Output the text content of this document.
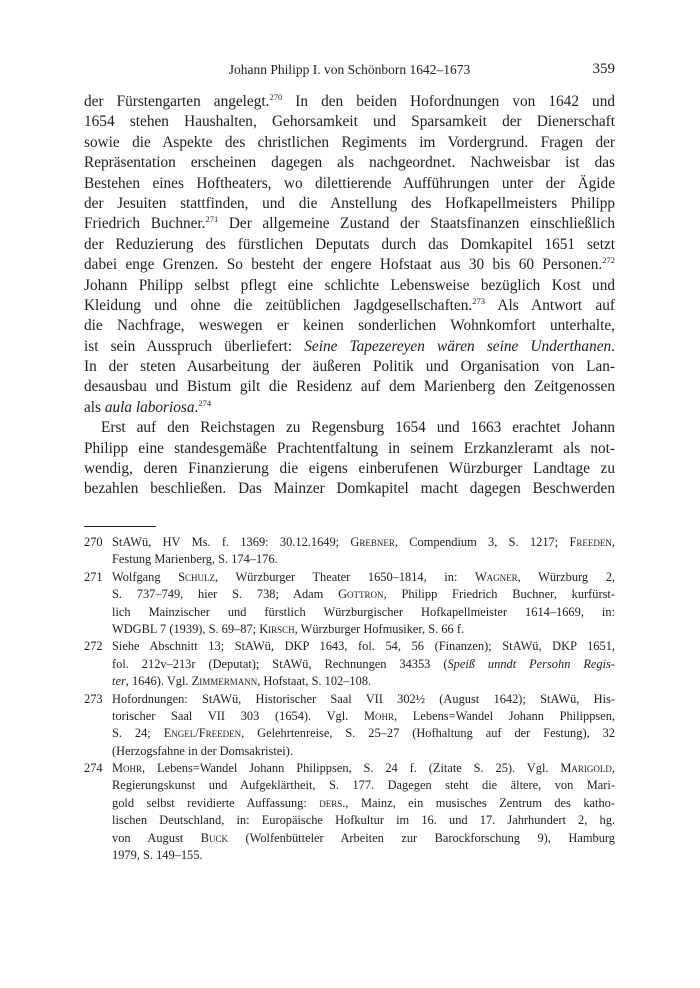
Johann Philipp I. von Schönborn 1642–1673	359
der Fürstengarten angelegt.$^{270}$ In den beiden Hofordnungen von 1642 und
1654 stehen Haushalten, Gehorsamkeit und Sparsamkeit der Dienerschaft
sowie die Aspekte des christlichen Regiments im Vordergrund. Fragen der
Repräsentation erscheinen dagegen als nachgeordnet. Nachweisbar ist das
Bestehen eines Hoftheaters, wo dilettierende Aufführungen unter der Ägide
der Jesuiten stattfinden, und die Anstellung des Hofkapellmeisters Philipp
Friedrich Buchner.$^{271}$ Der allgemeine Zustand der Staatsfinanzen einschließlich
der Reduzierung des fürstlichen Deputats durch das Domkapitel 1651 setzt
dabei enge Grenzen. So besteht der engere Hofstaat aus 30 bis 60 Personen.$^{272}$
Johann Philipp selbst pflegt eine schlichte Lebensweise bezüglich Kost und
Kleidung und ohne die zeitüblichen Jagdgesellschaften.$^{273}$ Als Antwort auf
die Nachfrage, weswegen er keinen sonderlichen Wohnkomfort unterhalte,
ist sein Ausspruch überliefert: Seine Tapezereyen wären seine Underthanen.
In der steten Ausarbeitung der äußeren Politik und Organisation von Lan-
desausbau und Bistum gilt die Residenz auf dem Marienberg den Zeitgenossen
als aula laboriosa.$^{274}$
Erst auf den Reichstagen zu Regensburg 1654 und 1663 erachtet Johann
Philipp eine standesgemäße Prachtentfaltung in seinem Erzkanzleramt als not-
wendig, deren Finanzierung die eigens einberufenen Würzburger Landtage zu
bezahlen beschließen. Das Mainzer Domkapitel macht dagegen Beschwerden
270 StAWü, HV Ms. f. 1369: 30.12.1649; Grebner, Compendium 3, S. 1217; Freeden,
Festung Marienberg, S. 174–176.
271 Wolfgang Schulz, Würzburger Theater 1650–1814, in: Wagner, Würzburg 2,
S. 737–749, hier S. 738; Adam Gottron, Philipp Friedrich Buchner, kurfürst-
lich Mainzischer und fürstlich Würzburgischer Hofkapellmeister 1614–1669, in:
WDGBL 7 (1939), S. 69–87; Kirsch, Würzburger Hofmusiker, S. 66 f.
272 Siehe Abschnitt 13; StAWü, DKP 1643, fol. 54, 56 (Finanzen); StAWü, DKP 1651,
fol. 212v–213r (Deputat); StAWü, Rechnungen 34353 (Speiß unndt Persohn Regis-
ter, 1646). Vgl. Zimmermann, Hofstaat, S. 102–108.
273 Hofordnungen: StAWü, Historischer Saal VII 302½ (August 1642); StAWü, His-
torischer Saal VII 303 (1654). Vgl. Mohr, Lebens=Wandel Johann Philippsen,
S. 24; Engel/Freeden, Gelehrtenreise, S. 25–27 (Hofhaltung auf der Festung), 32
(Herzogsfahne in der Domsakristei).
274 Mohr, Lebens=Wandel Johann Philippsen, S. 24 f. (Zitate S. 25). Vgl. Marigold,
Regierungskunst und Aufgeklärtheit, S. 177. Dagegen steht die ältere, von Mari-
gold selbst revidierte Auffassung: ders., Mainz, ein musisches Zentrum des katho-
lischen Deutschland, in: Europäische Hofkultur im 16. und 17. Jahrhundert 2, hg.
von August Buck (Wolfenbütteler Arbeiten zur Barockforschung 9), Hamburg
1979, S. 149–155.
